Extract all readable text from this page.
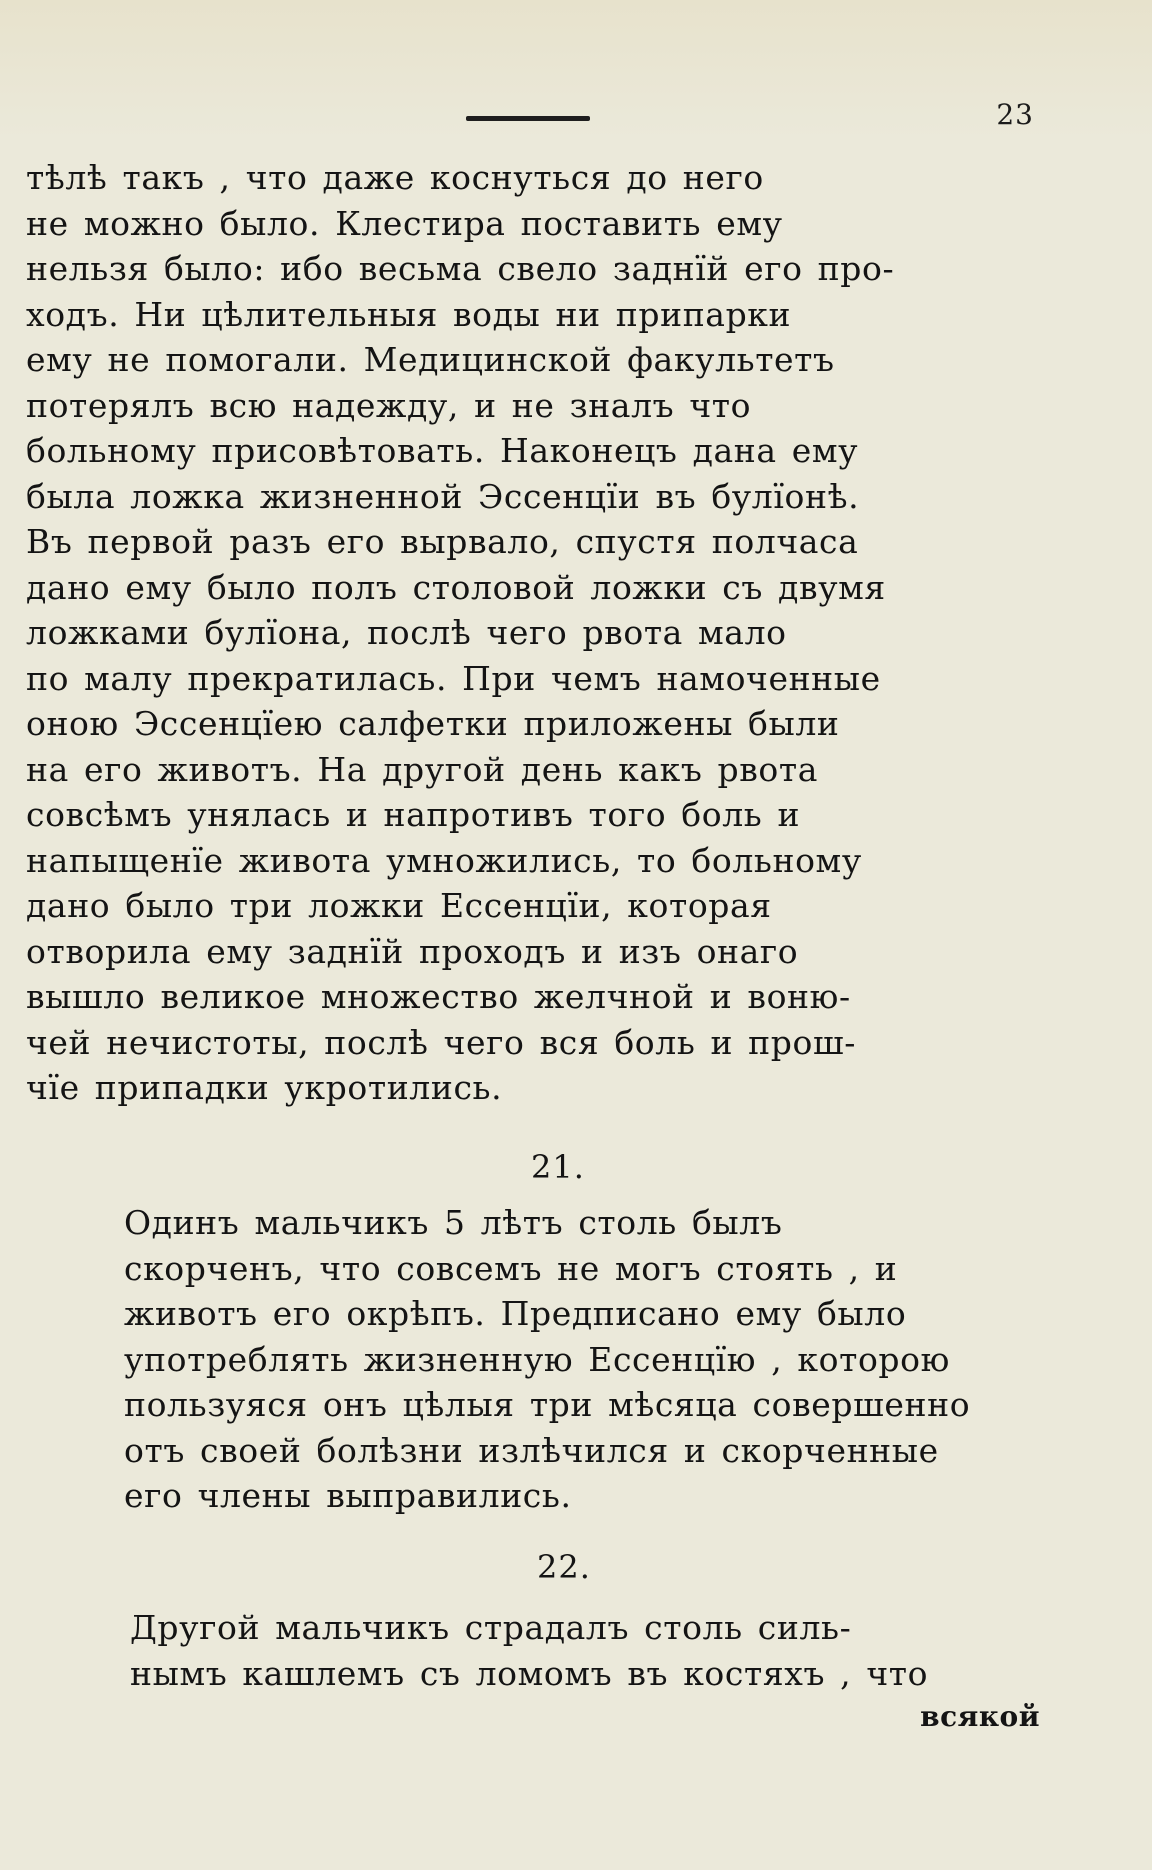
23
тѣлѣ такъ , что даже коснуться до него
не можно было. Клестира поставить ему
нельзя было: ибо весьма свело заднїй его про-
ходъ. Ни цѣлительныя воды ни припарки
ему не помогали. Медицинской факультетъ
потерялъ всю надежду, и не зналъ что
больному присовѣтовать. Наконецъ дана ему
была ложка жизненной Эссенцїи въ булїонѣ.
Въ первой разъ его вырвало, спустя полчаса
дано ему было полъ столовой ложки съ двумя
ложками булїона, послѣ чего рвота мало
по малу прекратилась. При чемъ намоченные
оною Эссенцїею салфетки приложены были
на его животъ. На другой день какъ рвота
совсѣмъ унялась и напротивъ того боль и
напыщенїе живота умножились, то больному
дано было три ложки Ессенцїи, которая
отворила ему заднїй проходъ и изъ онаго
вышло великое множество желчной и воню-
чей нечистоты, послѣ чего вся боль и прош-
чїе припадки укротились.
21.
Одинъ мальчикъ 5 лѣтъ столь былъ
скорченъ, что совсемъ не могъ стоять , и
животъ его окрѣпъ. Предписано ему было
употреблять жизненную Ессенцїю , которою
пользуяся онъ цѣлыя три мѣсяца совершенно
отъ своей болѣзни излѣчился и скорченные
его члены выправились.
22.
Другой мальчикъ страдалъ столь силь-
нымъ кашлемъ съ ломомъ въ костяхъ , что
всякой
